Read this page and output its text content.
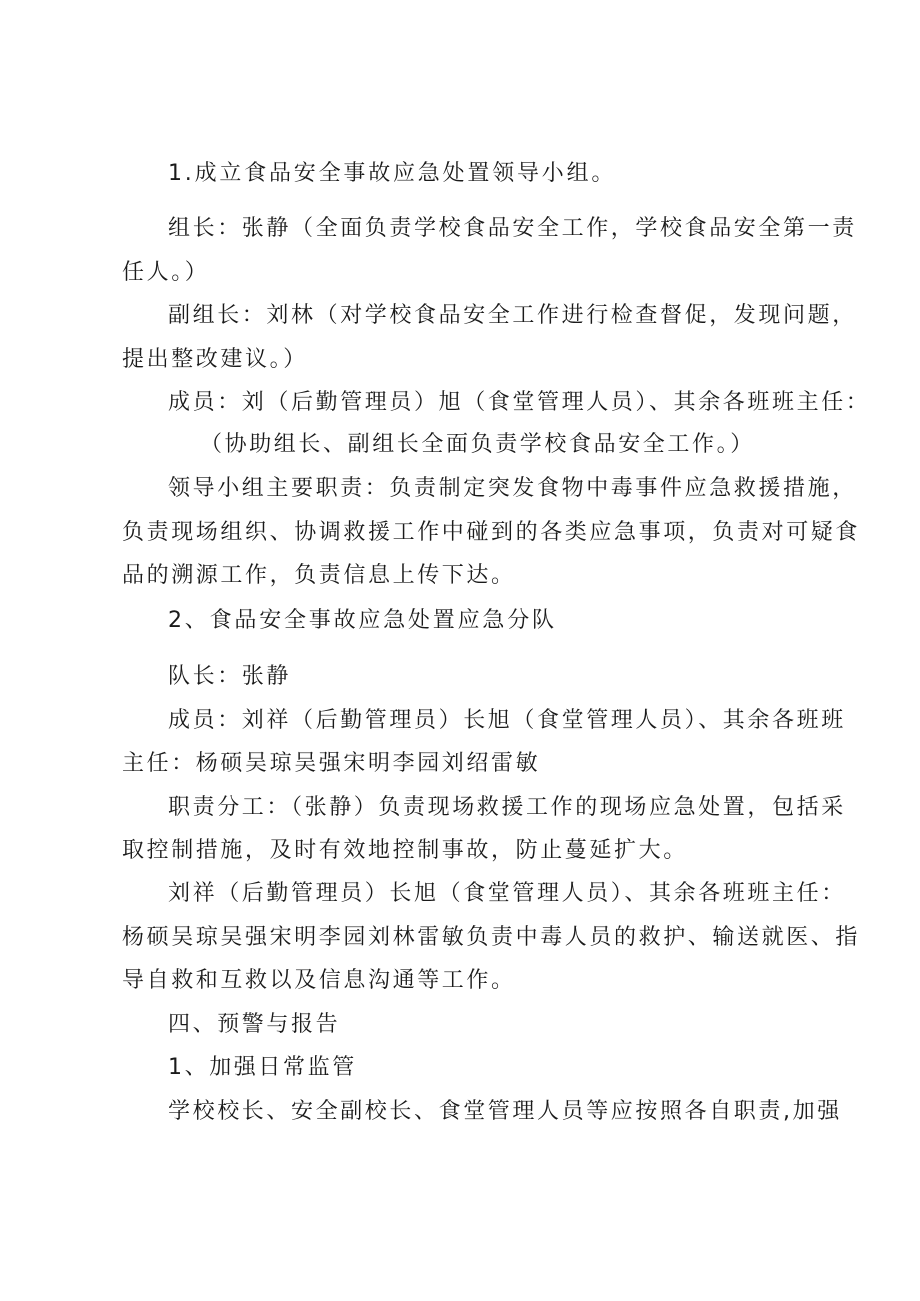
1.成立食品安全事故应急处置领导小组。
组长：张静（全面负责学校食品安全工作，学校食品安全第一责
任人。）
副组长：刘林（对学校食品安全工作进行检查督促，发现问题，
提出整改建议。）
成员：刘（后勤管理员）旭（食堂管理人员）、其余各班班主任：
（协助组长、副组长全面负责学校食品安全工作。）
领导小组主要职责：负责制定突发食物中毒事件应急救援措施，
负责现场组织、协调救援工作中碰到的各类应急事项，负责对可疑食
品的溯源工作，负责信息上传下达。
2、食品安全事故应急处置应急分队
队长：张静
成员：刘祥（后勤管理员）长旭（食堂管理人员）、其余各班班
主任：杨硕吴琼吴强宋明李园刘绍雷敏
职责分工：（张静）负责现场救援工作的现场应急处置，包括采
取控制措施，及时有效地控制事故，防止蔓延扩大。
刘祥（后勤管理员）长旭（食堂管理人员）、其余各班班主任：
杨硕吴琼吴强宋明李园刘林雷敏负责中毒人员的救护、输送就医、指
导自救和互救以及信息沟通等工作。
四、预警与报告
1、加强日常监管
学校校长、安全副校长、食堂管理人员等应按照各自职责,加强
